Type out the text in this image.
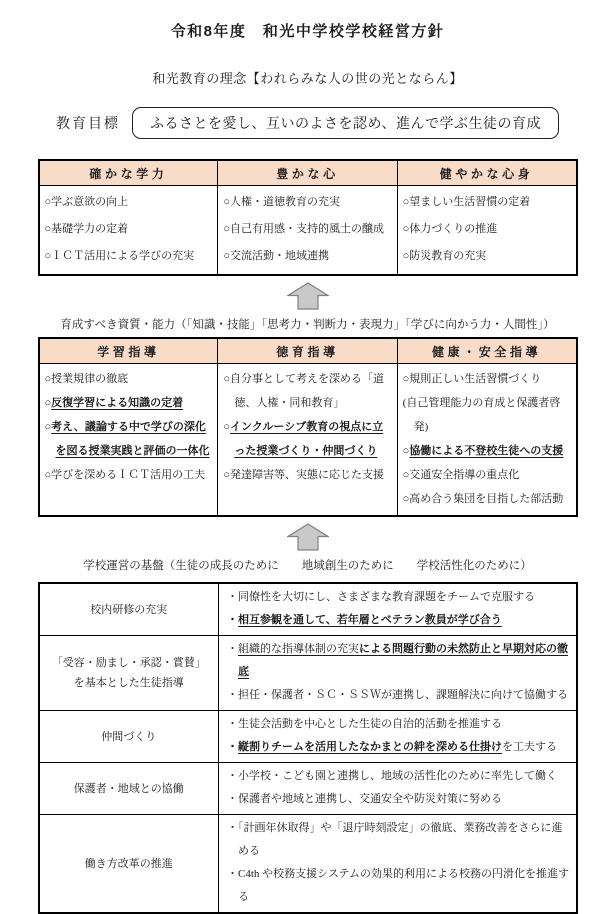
令和8年度　和光中学校学校経営方針
和光教育の理念【われらみな人の世の光とならん】
教育目標	ふるさとを愛し、互いのよさを認め、進んで学ぶ生徒の育成
確かな学力	豊かな心	健やかな心身

○学ぶ意欲の向上
○基礎学力の定着
○ＩＣＴ活用による学びの充実

○人権・道徳教育の充実
○自己有用感・支持的風土の醸成
○交流活動・地域連携

○望ましい生活習慣の定着
○体力づくりの推進
○防災教育の充実
育成すべき資質・能力（「知識・技能」「思考力・判断力・表現力」「学びに向かう力・人間性」）
学習指導	徳育指導	健康・安全指導

○授業規律の徹底
○反復学習による知識の定着
○考え、議論する中で学びの深化を図る授業実践と評価の一体化
○学びを深めるＩＣＴ活用の工夫

○自分事として考えを深める「道徳、人権・同和教育」
○インクルーシブ教育の視点に立った授業づくり・仲間づくり
○発達障害等、実態に応じた支援

○規則正しい生活習慣づくり
(自己管理能力の育成と保護者啓発)
○協働による不登校生徒への支援
○交通安全指導の重点化
○高め合う集団を目指した部活動
学校運営の基盤（生徒の成長のために　　地域創生のために　　学校活性化のために）
校内研修の充実	・同僚性を大切にし、さまざまな教育課題をチームで克服する
・相互参観を通して、若年層とベテラン教員が学び合う

「受容・励まし・承認・賞賛」を基本とした生徒指導	・組織的な指導体制の充実による問題行動の未然防止と早期対応の徹底
・担任・保護者・ＳＣ・ＳＳＷが連携し、課題解決に向けて協働する

仲間づくり	・生徒会活動を中心とした生徒の自治的活動を推進する
・縦割りチームを活用したなかまとの絆を深める仕掛けを工夫する

保護者・地域との協働	・小学校・こども園と連携し、地域の活性化のために率先して働く
・保護者や地域と連携し、交通安全や防災対策に努める

働き方改革の推進	・「計画年休取得」や「退庁時刻設定」の徹底、業務改善をさらに進める
・C4th や校務支援システムの効果的利用による校務の円滑化を推進する
